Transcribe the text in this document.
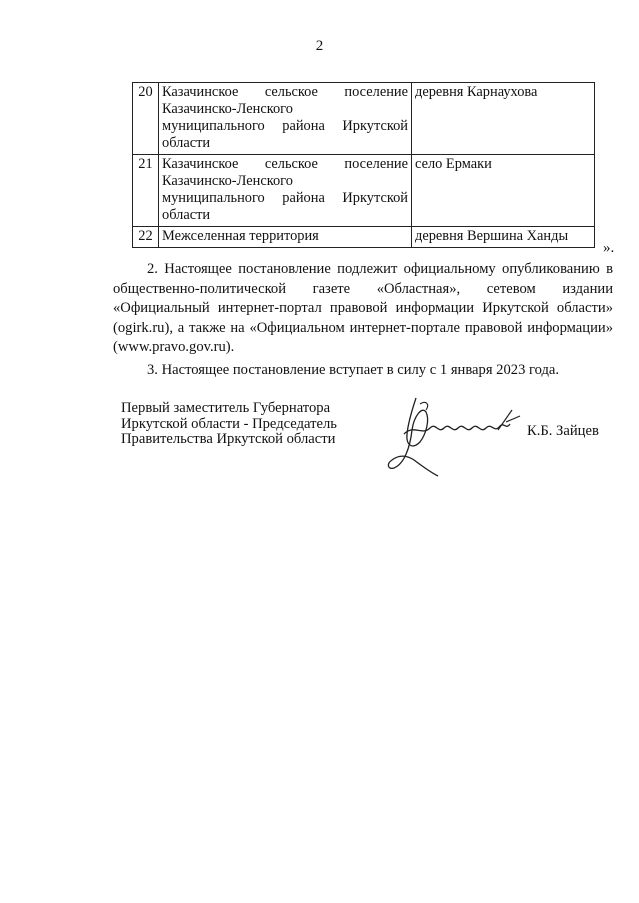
2
20	Казачинское сельское поселение
Казачинско-Ленского
муниципального района Иркутской
области	деревня Карнаухова
21	Казачинское сельское поселение
Казачинско-Ленского
муниципального района Иркутской
области	село Ермаки
22	Межселенная территория	деревня Вершина Ханды
».

2. Настоящее постановление подлежит официальному опубликованию в
общественно-политической газете «Областная», сетевом издании
«Официальный интернет-портал правовой информации Иркутской области»
(ogirk.ru), а также на «Официальном интернет-портале правовой информации»
(www.pravo.gov.ru).

3. Настоящее постановление вступает в силу с 1 января 2023 года.

Первый заместитель Губернатора
Иркутской области - Председатель
Правительства Иркутской области	К.Б. Зайцев
